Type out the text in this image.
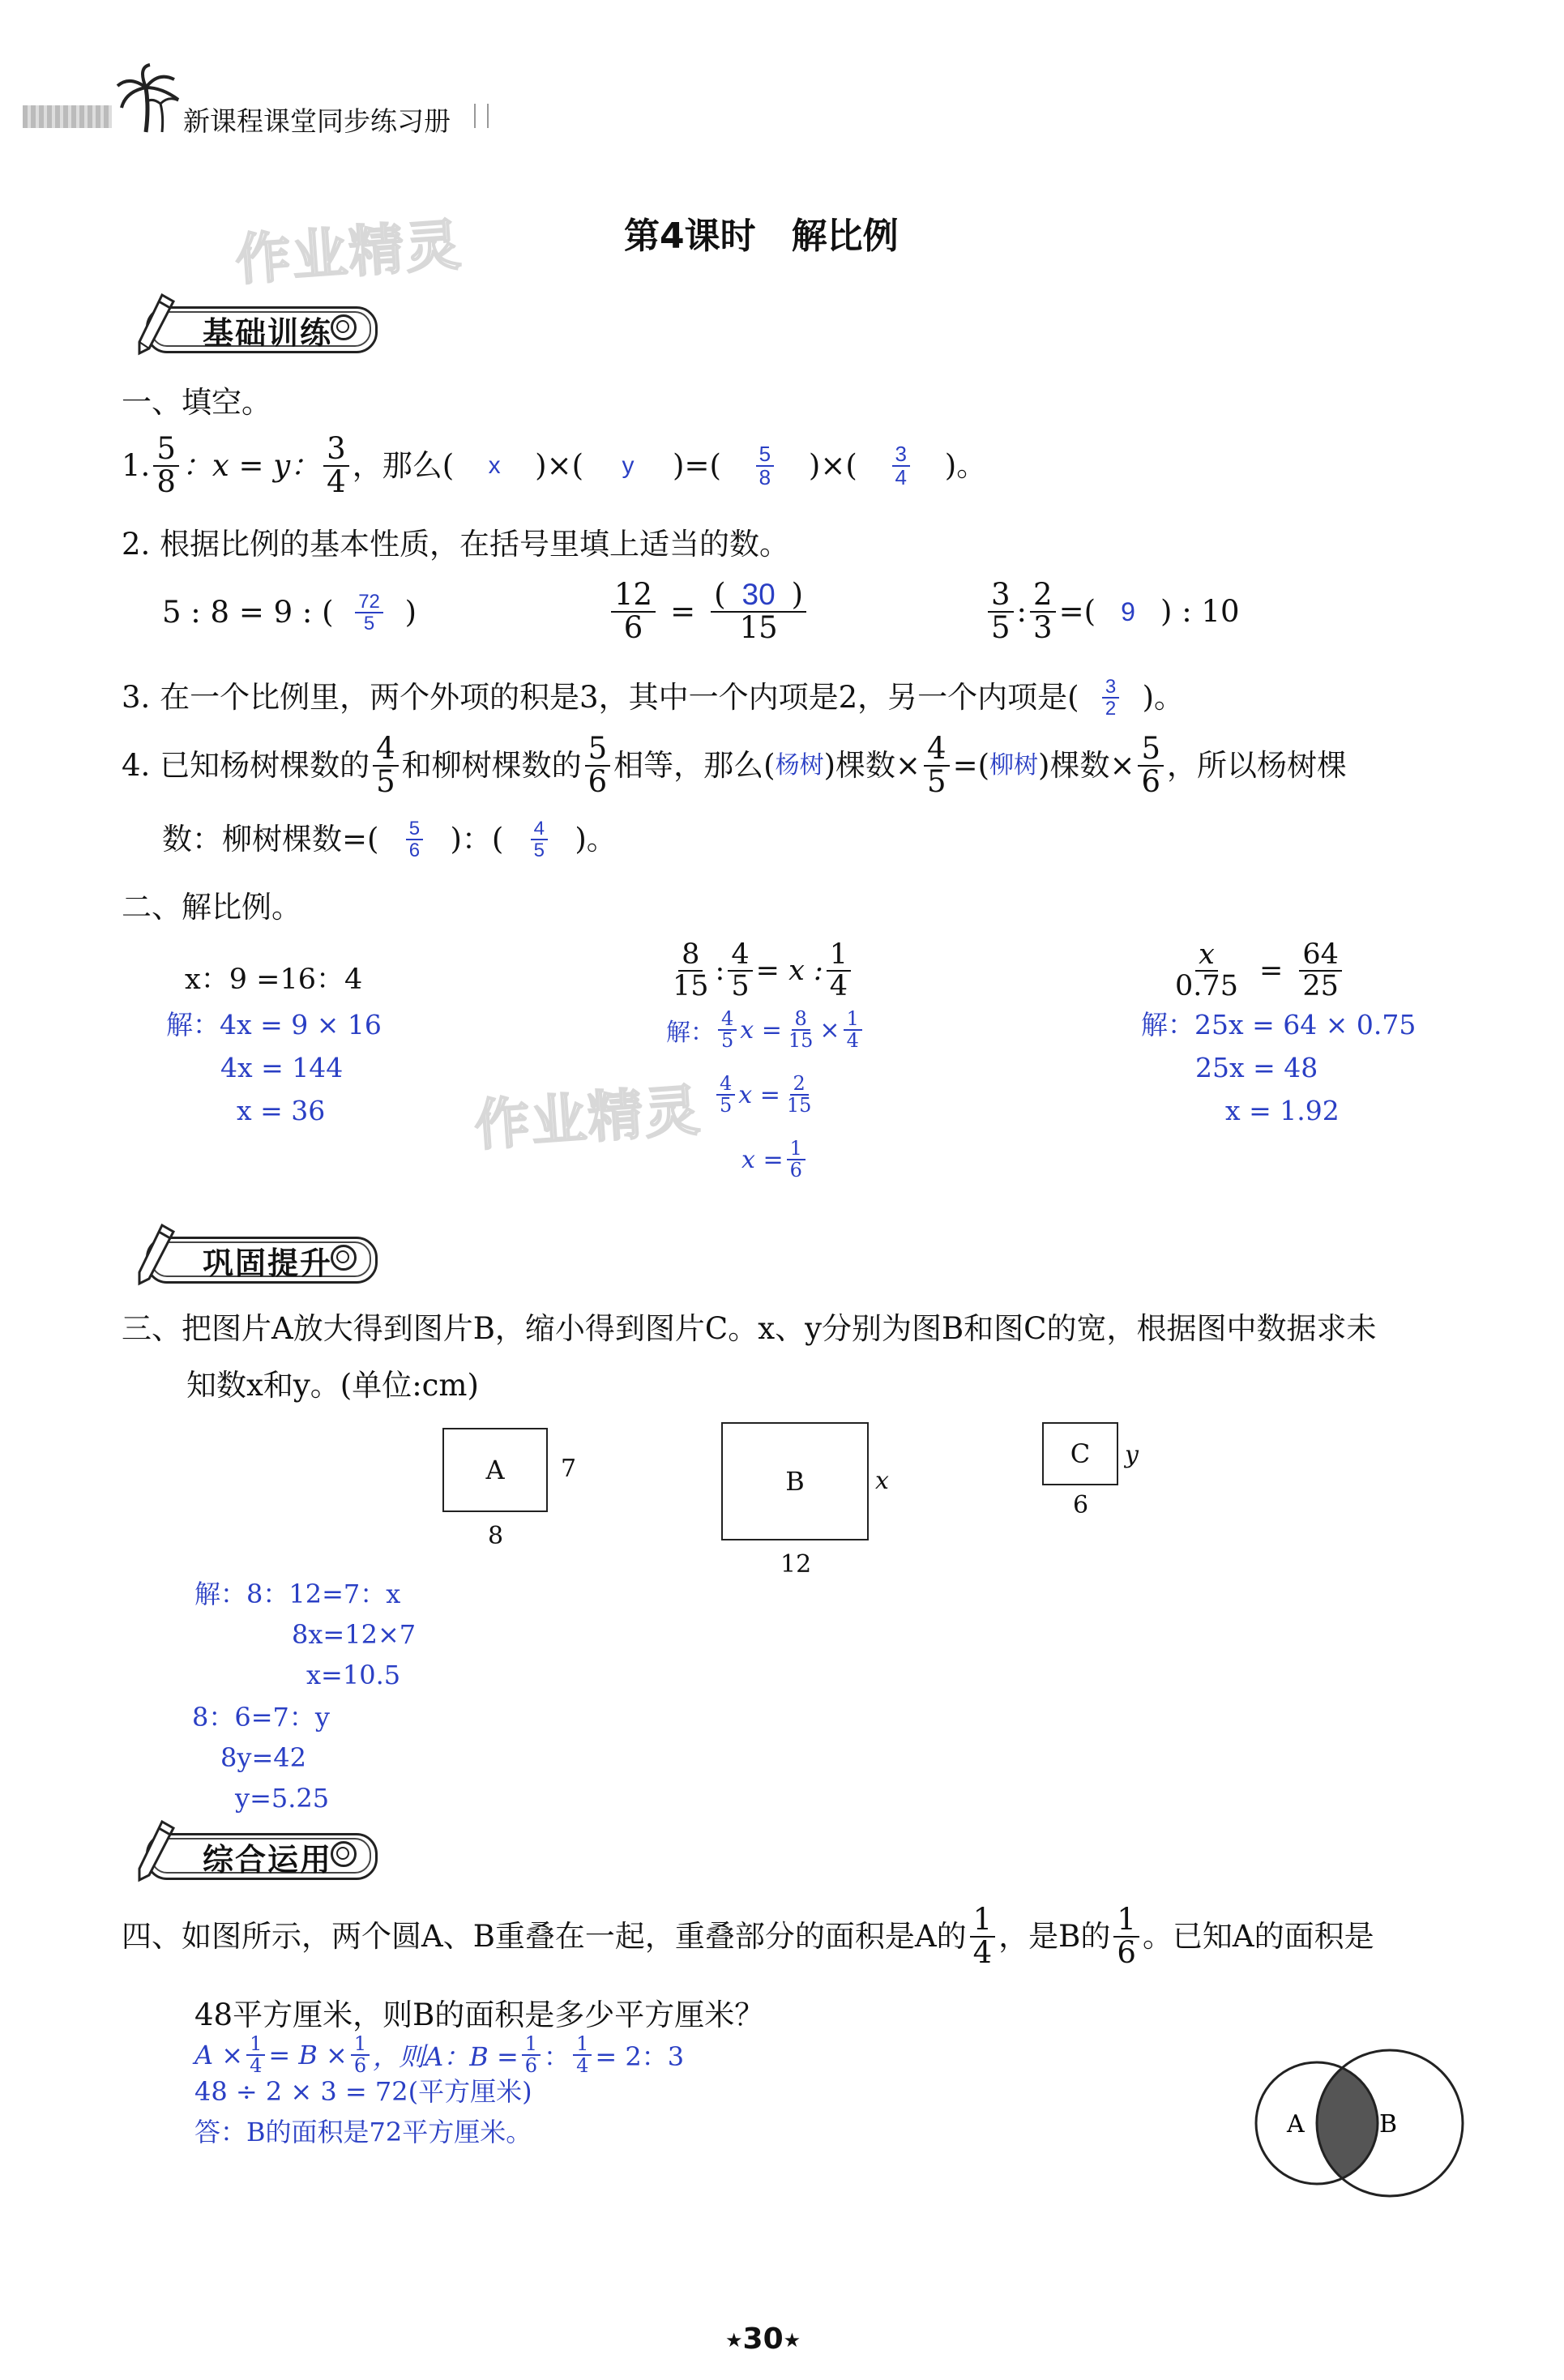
新课程课堂同步练习册
作业精灵
作业精灵
第4课时　解比例
基础训练
一、填空。
1. $\frac{5}{8}$ ：x = y： $\frac{3}{4}$ ，那么(	x	)×(	y	)=( $\frac{5}{8}$ )×( $\frac{3}{4}$ )。
2. 根据比例的基本性质，在括号里填上适当的数。
5 : 8 = 9 : ( $\frac{72}{5}$ )	$\frac{12}{6} = \frac{( 30 )}{15}$	$\frac{3}{5}$ : $\frac{2}{3}$ =( 9 ) : 10
3. 在一个比例里，两个外项的积是3，其中一个内项是2，另一个内项是( $\frac{3}{2}$ )。
4. 已知杨树棵数的 $\frac{4}{5}$ 和柳树棵数的 $\frac{5}{6}$ 相等，那么( 杨树 )棵数× $\frac{4}{5}$ =( 柳树 )棵数× $\frac{5}{6}$ ，所以杨树棵
数：柳树棵数=( $\frac{5}{6}$ )：( $\frac{4}{5}$ )。
二、解比例。
x：9 =16：4
解：4x = 9 × 16
4x = 144
x = 36
$\frac{8}{15}$ : $\frac{4}{5} = x$ : $\frac{1}{4}$
解： $\frac{4}{5}$ $x = \frac{8}{15} \times \frac{1}{4}$
$\frac{4}{5}$ $x = \frac{2}{15}$
$x = \frac{1}{6}$
$\frac{x}{0.75} = \frac{64}{25}$
解：25x = 64 × 0.75
25x = 48
x = 1.92
巩固提升
三、把图片A放大得到图片B，缩小得到图片C。x、y分别为图B和图C的宽，根据图中数据求未
知数x和y。(单位:cm)
A 7
8
B	x
12
C y
6
解：8：12=7：x
8x=12×7
x=10.5
8：6=7：y
8y=42
y=5.25
综合运用
四、如图所示，两个圆A、B重叠在一起，重叠部分的面积是A的 $\frac{1}{4}$ ，是B的 $\frac{1}{6}$ 。已知A的面积是
48平方厘米，则B的面积是多少平方厘米？
$A \times \frac{1}{4} = B \times \frac{1}{6}$ ，则A：$B = \frac{1}{6}$ ： $\frac{1}{4} = 2$：3
48 ÷ 2 × 3 = 72(平方厘米)
答：B的面积是72平方厘米。	A	B
★30★
